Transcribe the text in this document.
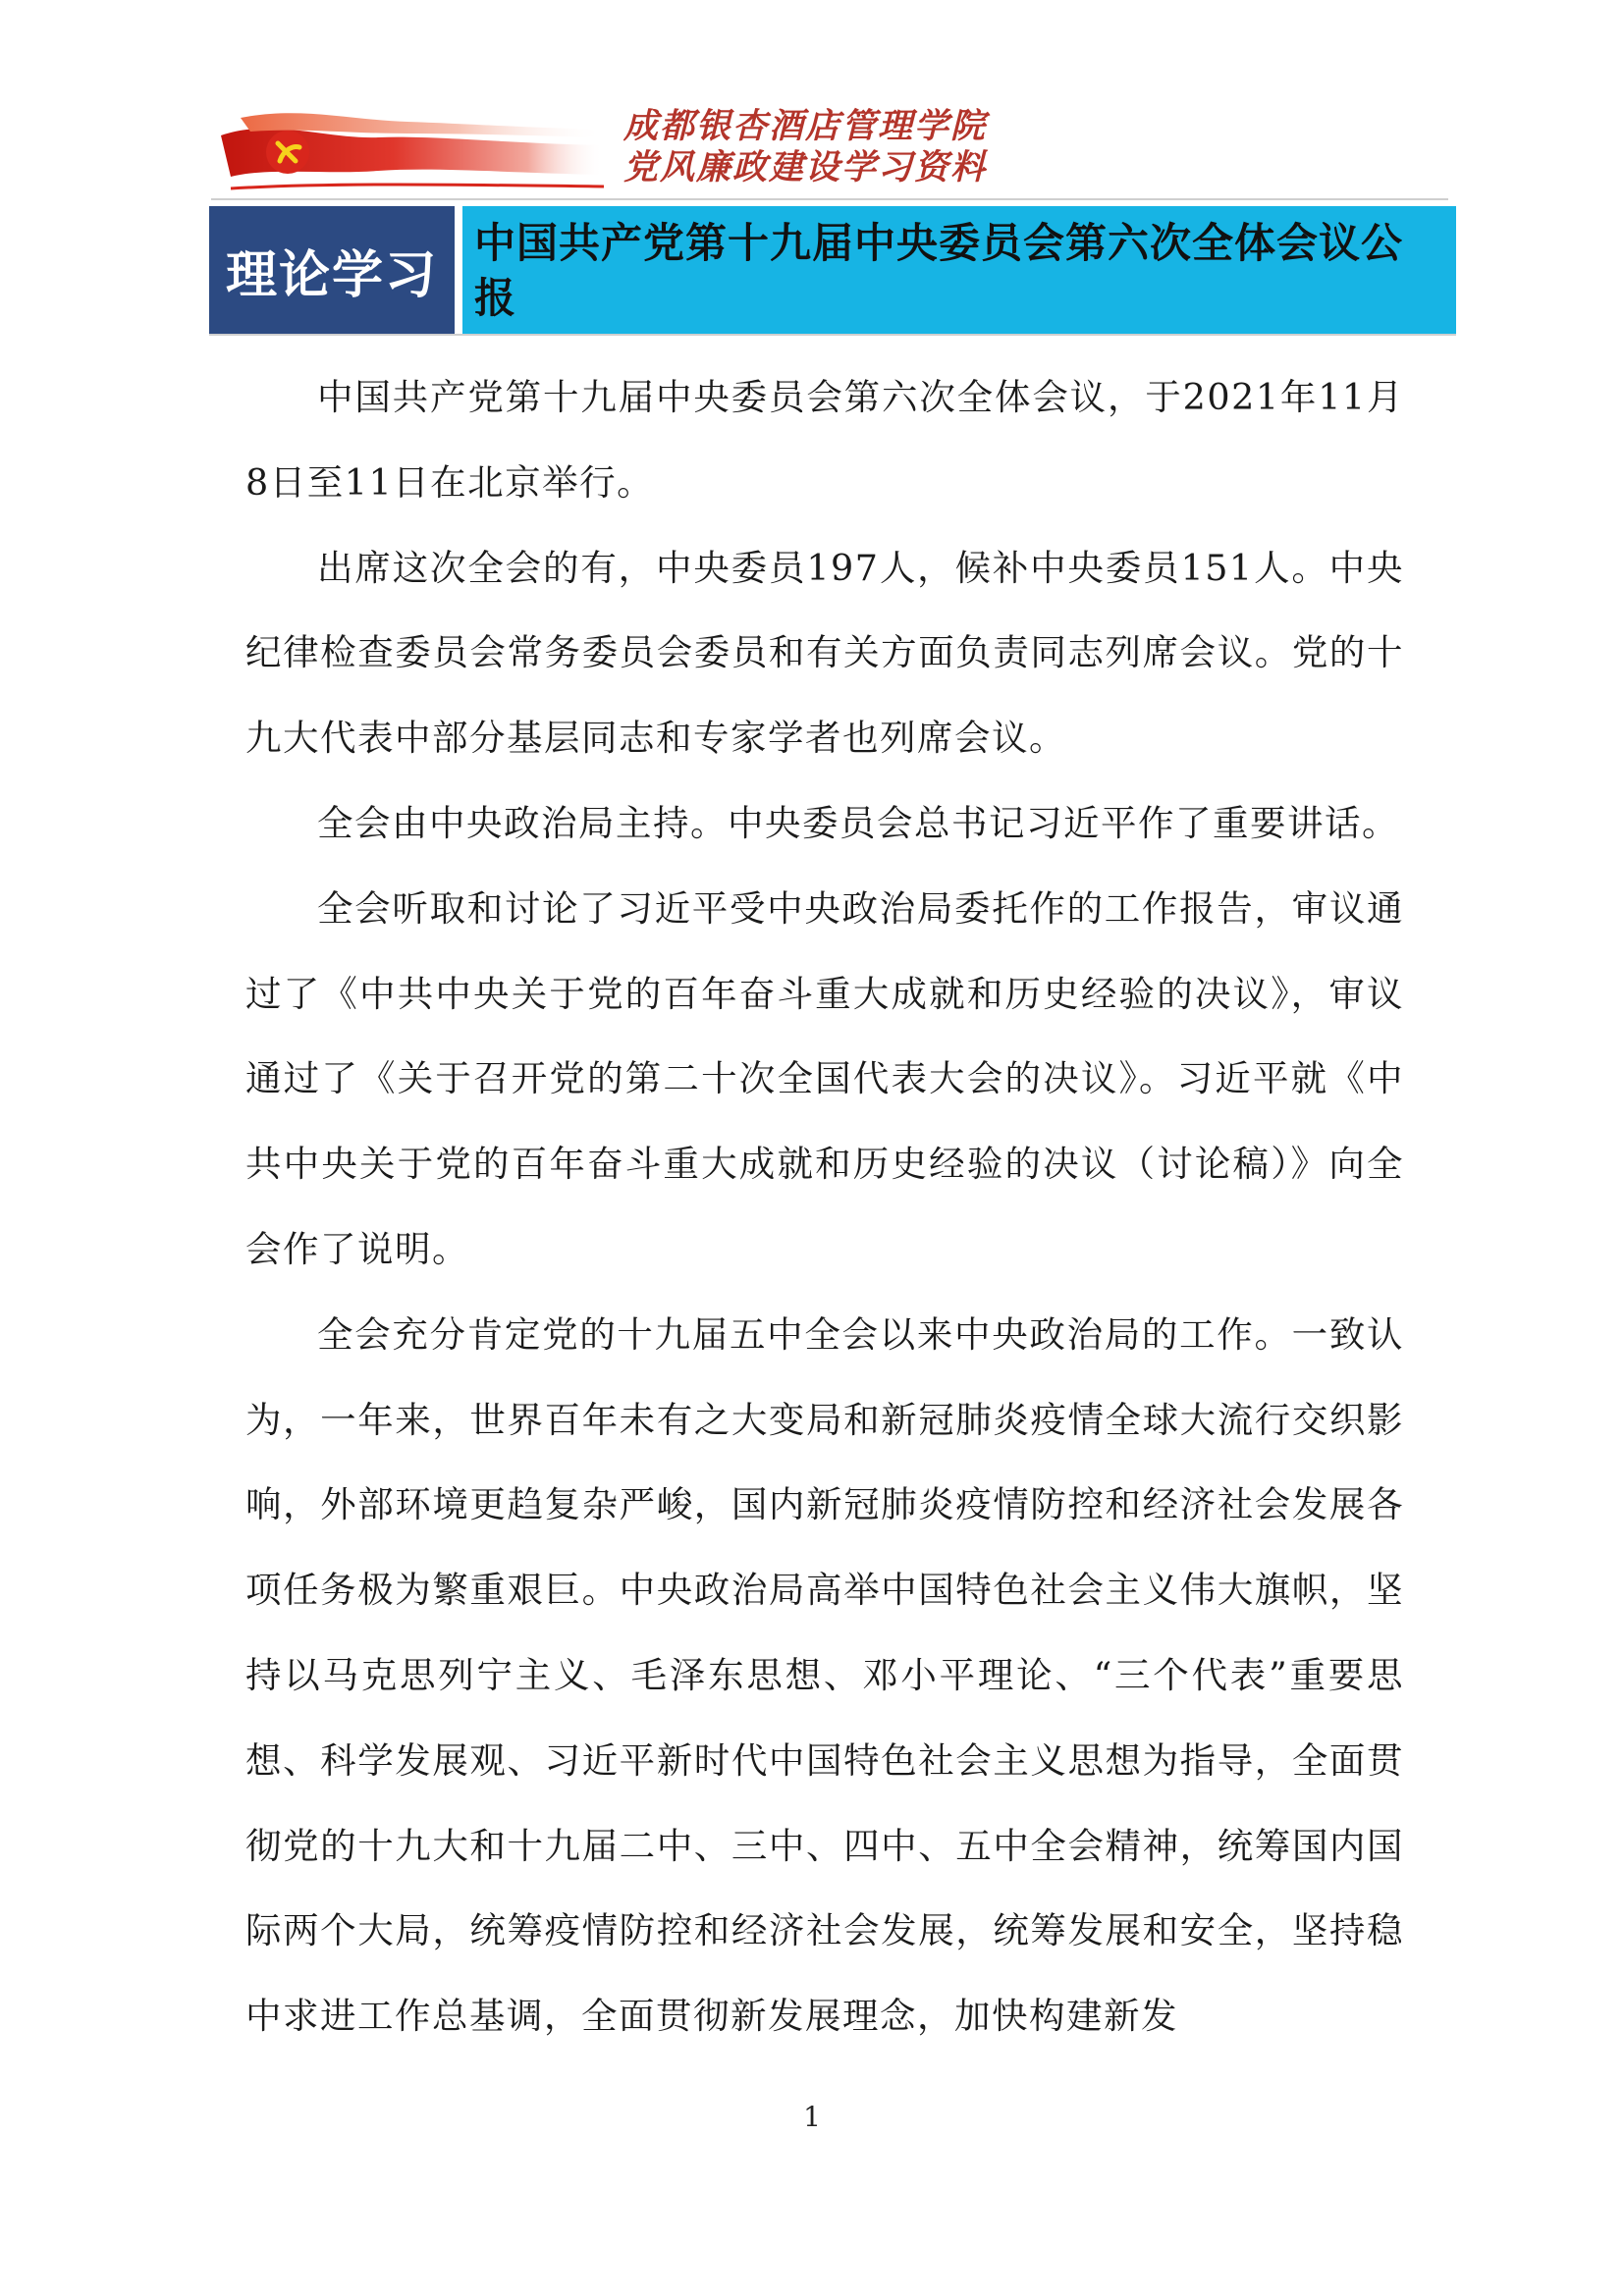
成都银杏酒店管理学院
党风廉政建设学习资料
理论学习
中国共产党第十九届中央委员会第六次全体会议公报

中国共产党第十九届中央委员会第六次全体会议，于2021年11月8日至11日在北京举行。

出席这次全会的有，中央委员197人，候补中央委员151人。中央纪律检查委员会常务委员会委员和有关方面负责同志列席会议。党的十九大代表中部分基层同志和专家学者也列席会议。

全会由中央政治局主持。中央委员会总书记习近平作了重要讲话。

全会听取和讨论了习近平受中央政治局委托作的工作报告，审议通过了《中共中央关于党的百年奋斗重大成就和历史经验的决议》，审议通过了《关于召开党的第二十次全国代表大会的决议》。习近平就《中共中央关于党的百年奋斗重大成就和历史经验的决议（讨论稿）》向全会作了说明。

全会充分肯定党的十九届五中全会以来中央政治局的工作。一致认为，一年来，世界百年未有之大变局和新冠肺炎疫情全球大流行交织影响，外部环境更趋复杂严峻，国内新冠肺炎疫情防控和经济社会发展各项任务极为繁重艰巨。中央政治局高举中国特色社会主义伟大旗帜，坚持以马克思列宁主义、毛泽东思想、邓小平理论、“三个代表”重要思想、科学发展观、习近平新时代中国特色社会主义思想为指导，全面贯彻党的十九大和十九届二中、三中、四中、五中全会精神，统筹国内国际两个大局，统筹疫情防控和经济社会发展，统筹发展和安全，坚持稳中求进工作总基调，全面贯彻新发展理念，加快构建新发

1
